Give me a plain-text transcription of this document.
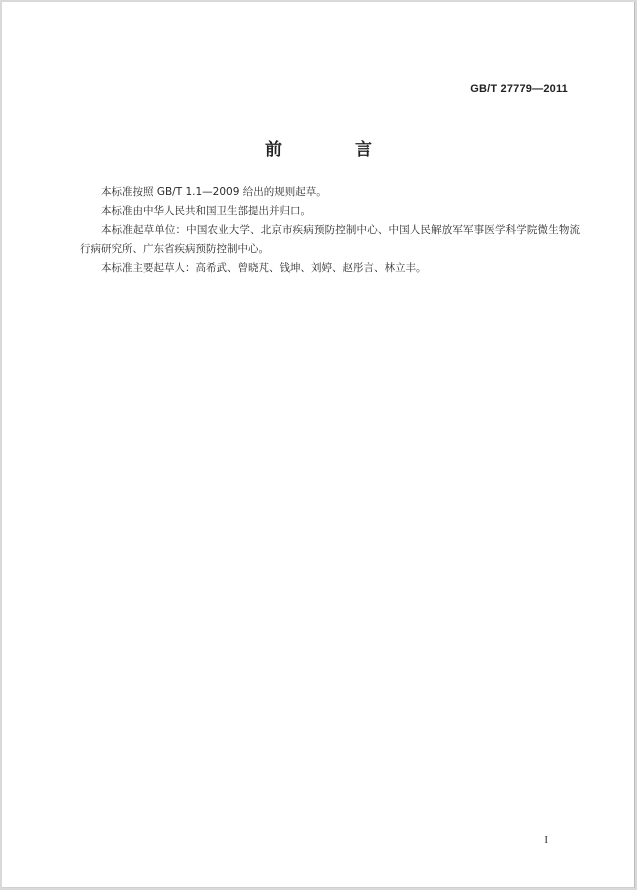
GB/T 27779—2011
前　言

本标准按照 GB/T 1.1—2009 给出的规则起草。

本标准由中华人民共和国卫生部提出并归口。

本标准起草单位：中国农业大学、北京市疾病预防控制中心、中国人民解放军军事医学科学院微生物流行病研究所、广东省疾病预防控制中心。

本标准主要起草人：高希武、曾晓芃、钱坤、刘婷、赵彤言、林立丰。

I
